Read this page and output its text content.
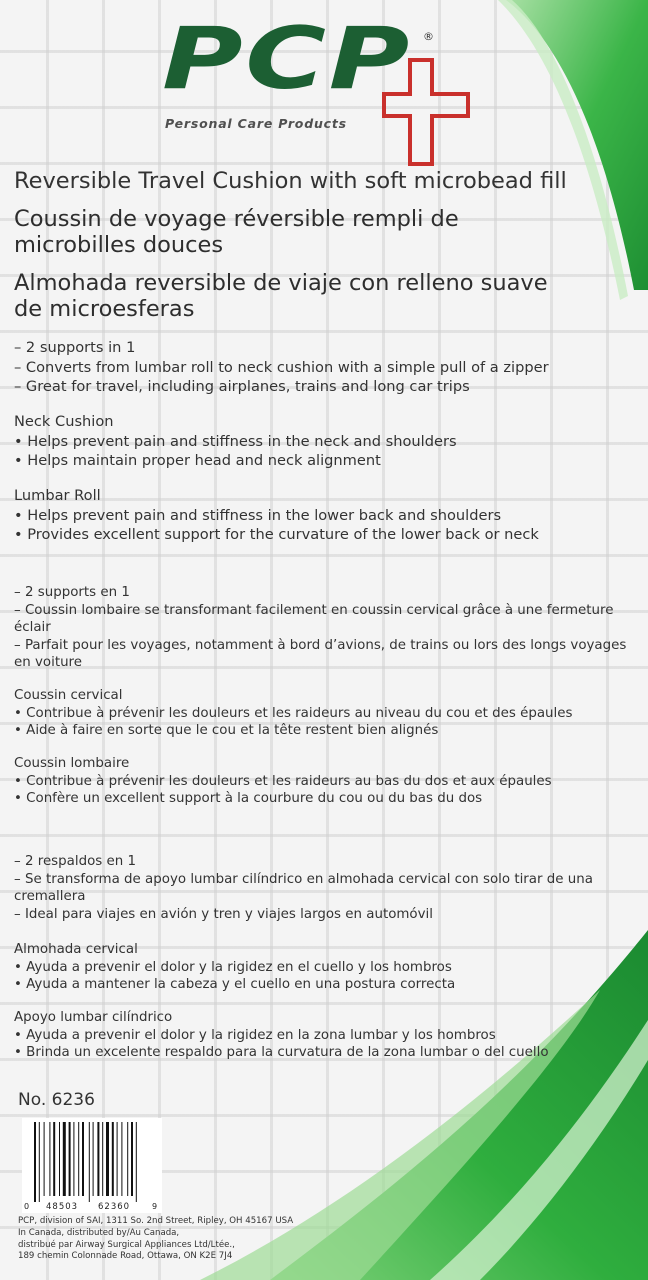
PCP ®
Personal Care Products
Reversible Travel Cushion with soft microbead fill
Coussin de voyage réversible rempli de
microbilles douces
Almohada reversible de viaje con relleno suave
de microesferas

– 2 supports in 1

– Converts from lumbar roll to neck cushion with a simple pull of a zipper

– Great for travel, including airplanes, trains and long car trips

Neck Cushion

• Helps prevent pain and stiffness in the neck and shoulders

• Helps maintain proper head and neck alignment

Lumbar Roll

• Helps prevent pain and stiffness in the lower back and shoulders

• Provides excellent support for the curvature of the lower back or neck

– 2 supports en 1

– Coussin lombaire se transformant facilement en coussin cervical grâce à une fermeture éclair

– Parfait pour les voyages, notamment à bord d’avions, de trains ou lors des longs voyages en voiture

Coussin cervical

• Contribue à prévenir les douleurs et les raideurs au niveau du cou et des épaules

• Aide à faire en sorte que le cou et la tête restent bien alignés

Coussin lombaire

• Contribue à prévenir les douleurs et les raideurs au bas du dos et aux épaules

• Confère un excellent support à la courbure du cou ou du bas du dos

– 2 respaldos en 1

– Se transforma de apoyo lumbar cilíndrico en almohada cervical con solo tirar de una cremallera

– Ideal para viajes en avión y tren y viajes largos en automóvil

Almohada cervical

• Ayuda a prevenir el dolor y la rigidez en el cuello y los hombros

• Ayuda a mantener la cabeza y el cuello en una postura correcta

Apoyo lumbar cilíndrico

• Ayuda a prevenir el dolor y la rigidez en la zona lumbar y los hombros

• Brinda un excelente respaldo para la curvatura de la zona lumbar o del cuello

No. 6236
0 48503 62360	9

PCP, division of SAI, 1311 So. 2nd Street, Ripley, OH 45167 USA

In Canada, distributed by/Au Canada,

distribué par Airway Surgical Appliances Ltd/Ltée.,

189 chemin Colonnade Road, Ottawa, ON K2E 7J4
